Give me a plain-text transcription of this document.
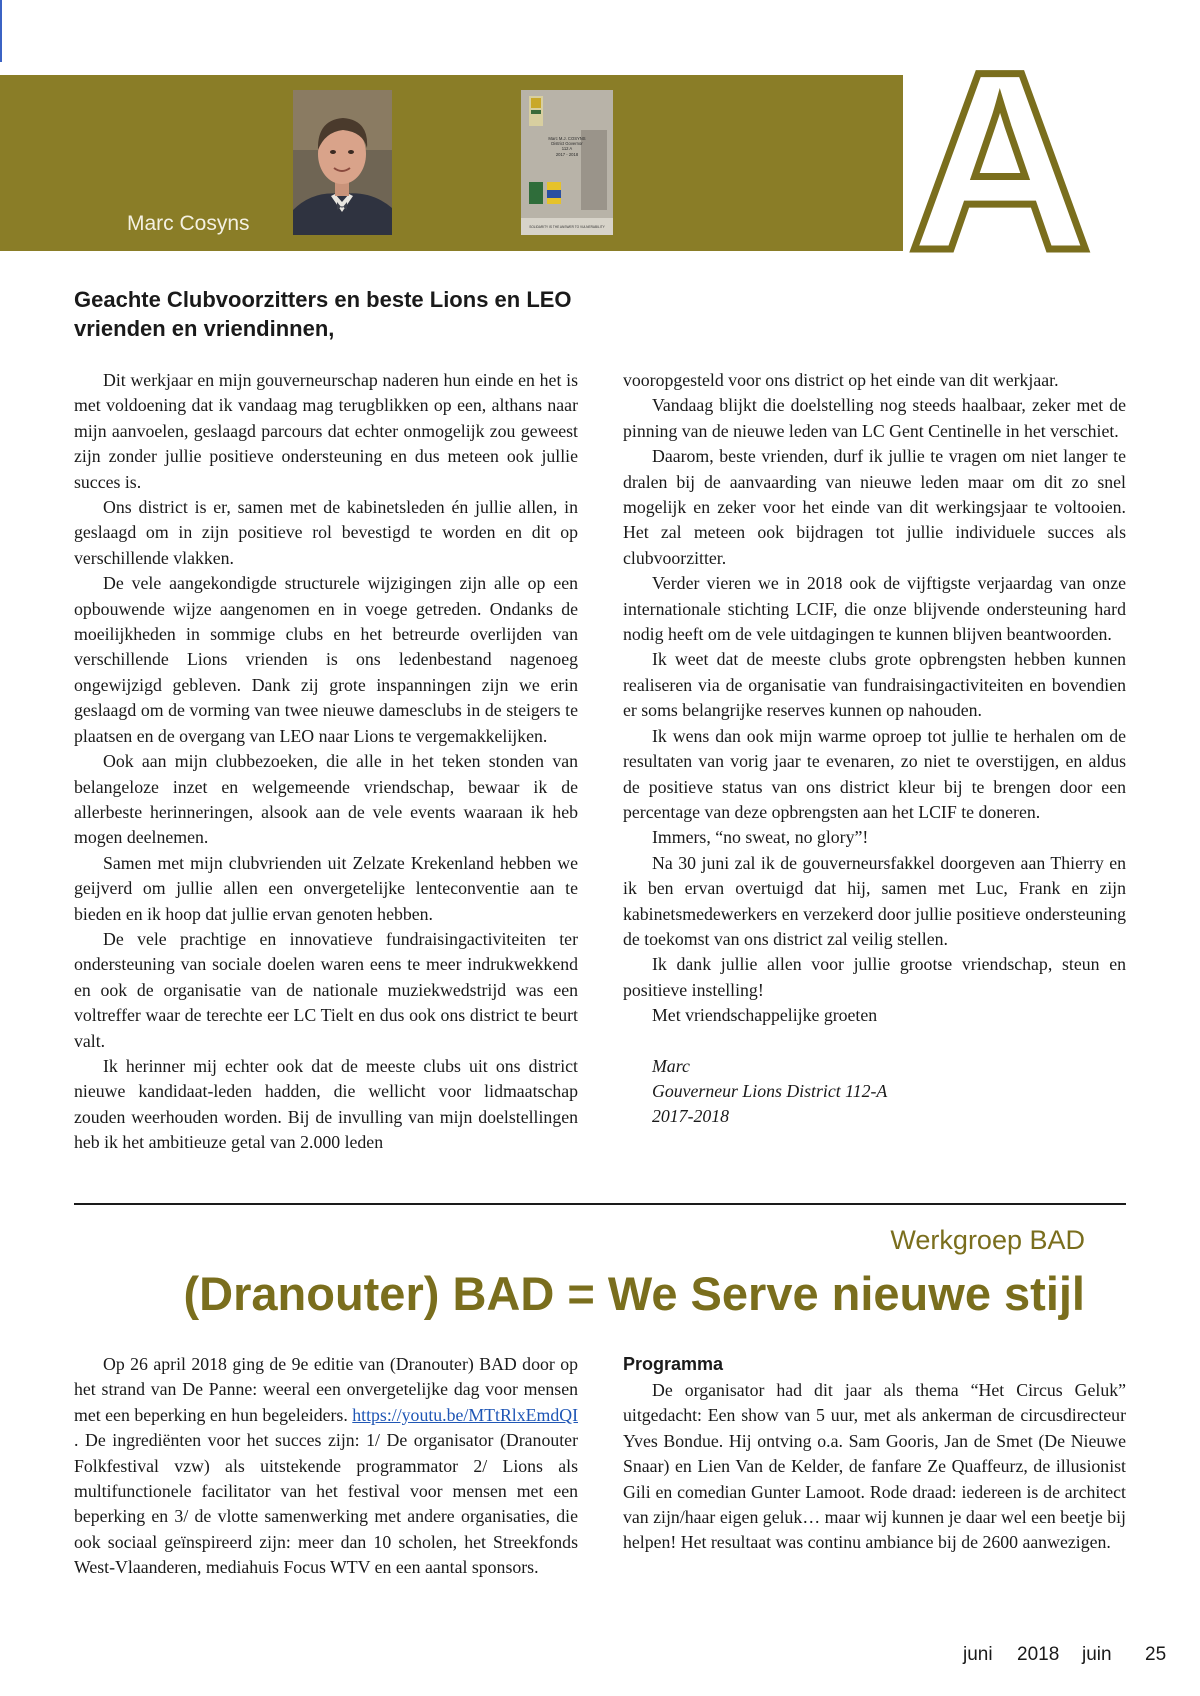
Marc M.J. COSYNS
District Governor
112 A
2017 - 2018
SOLIDARITY IS THE ANSWER TO VULNERABILITY
Marc Cosyns	A
Geachte Clubvoorzitters en beste Lions en LEO vrienden en vriendinnen,

Dit werkjaar en mijn gouverneurschap naderen hun einde en het is met voldoening dat ik vandaag mag terugblikken op een, althans naar mijn aanvoelen, geslaagd parcours dat echter onmogelijk zou geweest zijn zonder jullie positieve ondersteuning en dus meteen ook jullie succes is.

Ons district is er, samen met de kabinetsleden én jullie allen, in geslaagd om in zijn positieve rol bevestigd te worden en dit op verschillende vlakken.

De vele aangekondigde structurele wijzigingen zijn alle op een opbouwende wijze aangenomen en in voege getreden. Ondanks de moeilijkheden in sommige clubs en het betreurde overlijden van verschillende Lions vrienden is ons ledenbestand nagenoeg ongewijzigd gebleven. Dank zij grote inspanningen zijn we erin geslaagd om de vorming van twee nieuwe damesclubs in de steigers te plaatsen en de overgang van LEO naar Lions te vergemakkelijken.

Ook aan mijn clubbezoeken, die alle in het teken stonden van belangeloze inzet en welgemeende vriendschap, bewaar ik de allerbeste herinneringen, alsook aan de vele events waaraan ik heb mogen deelnemen.

Samen met mijn clubvrienden uit Zelzate Krekenland hebben we geijverd om jullie allen een onvergetelijke lenteconventie aan te bieden en ik hoop dat jullie ervan genoten hebben.

De vele prachtige en innovatieve fundraisingactiviteiten ter ondersteuning van sociale doelen waren eens te meer indrukwekkend en ook de organisatie van de nationale muziekwedstrijd was een voltreffer waar de terechte eer LC Tielt en dus ook ons district te beurt valt.

Ik herinner mij echter ook dat de meeste clubs uit ons district nieuwe kandidaat-leden hadden, die wellicht voor lidmaatschap zouden weerhouden worden. Bij de invulling van mijn doelstellingen heb ik het ambitieuze getal van 2.000 leden

vooropgesteld voor ons district op het einde van dit werkjaar.

Vandaag blijkt die doelstelling nog steeds haalbaar, zeker met de pinning van de nieuwe leden van LC Gent Centinelle in het verschiet.

Daarom, beste vrienden, durf ik jullie te vragen om niet langer te dralen bij de aanvaarding van nieuwe leden maar om dit zo snel mogelijk en zeker voor het einde van dit werkingsjaar te voltooien. Het zal meteen ook bijdragen tot jullie individuele succes als clubvoorzitter.

Verder vieren we in 2018 ook de vijftigste verjaardag van onze internationale stichting LCIF, die onze blijvende ondersteuning hard nodig heeft om de vele uitdagingen te kunnen blijven beantwoorden.

Ik weet dat de meeste clubs grote opbrengsten hebben kunnen realiseren via de organisatie van fundraisingactiviteiten en bovendien er soms belangrijke reserves kunnen op nahouden.

Ik wens dan ook mijn warme oproep tot jullie te herhalen om de resultaten van vorig jaar te evenaren, zo niet te overstijgen, en aldus de positieve status van ons district kleur bij te brengen door een percentage van deze opbrengsten aan het LCIF te doneren.

Immers, “no sweat, no glory”!

Na 30 juni zal ik de gouverneursfakkel doorgeven aan Thierry en ik ben ervan overtuigd dat hij, samen met Luc, Frank en zijn kabinetsmedewerkers en verzekerd door jullie positieve ondersteuning de toekomst van ons district zal veilig stellen.

Ik dank jullie allen voor jullie grootse vriendschap, steun en positieve instelling!

Met vriendschappelijke groeten

Marc
Gouverneur Lions District 112-A
2017-2018
Werkgroep BAD
(Dranouter) BAD = We Serve nieuwe stijl

Op 26 april 2018 ging de 9e editie van (Dranouter) BAD door op het strand van De Panne: weeral een onvergetelijke dag voor mensen met een beperking en hun begeleiders. https://youtu.be/MTtRlxEmdQI . De ingrediënten voor het succes zijn: 1/ De organisator (Dranouter Folkfestival vzw) als uitstekende programmator 2/ Lions als multifunctionele facilitator van het festival voor mensen met een beperking en 3/ de vlotte samenwerking met andere organisaties, die ook sociaal geïnspireerd zijn: meer dan 10 scholen, het Streekfonds West-Vlaanderen, mediahuis Focus WTV en een aantal sponsors.

Programma

De organisator had dit jaar als thema “Het Circus Geluk” uitgedacht: Een show van 5 uur, met als ankerman de circusdirecteur Yves Bondue. Hij ontving o.a. Sam Gooris, Jan de Smet (De Nieuwe Snaar) en Lien Van de Kelder, de fanfare Ze Quaffeurz, de illusionist Gili en comedian Gunter Lamoot. Rode draad: iedereen is de architect van zijn/haar eigen geluk… maar wij kunnen je daar wel een beetje bij helpen! Het resultaat was continu ambiance bij de 2600 aanwezigen.

juni 2018 juin 25
